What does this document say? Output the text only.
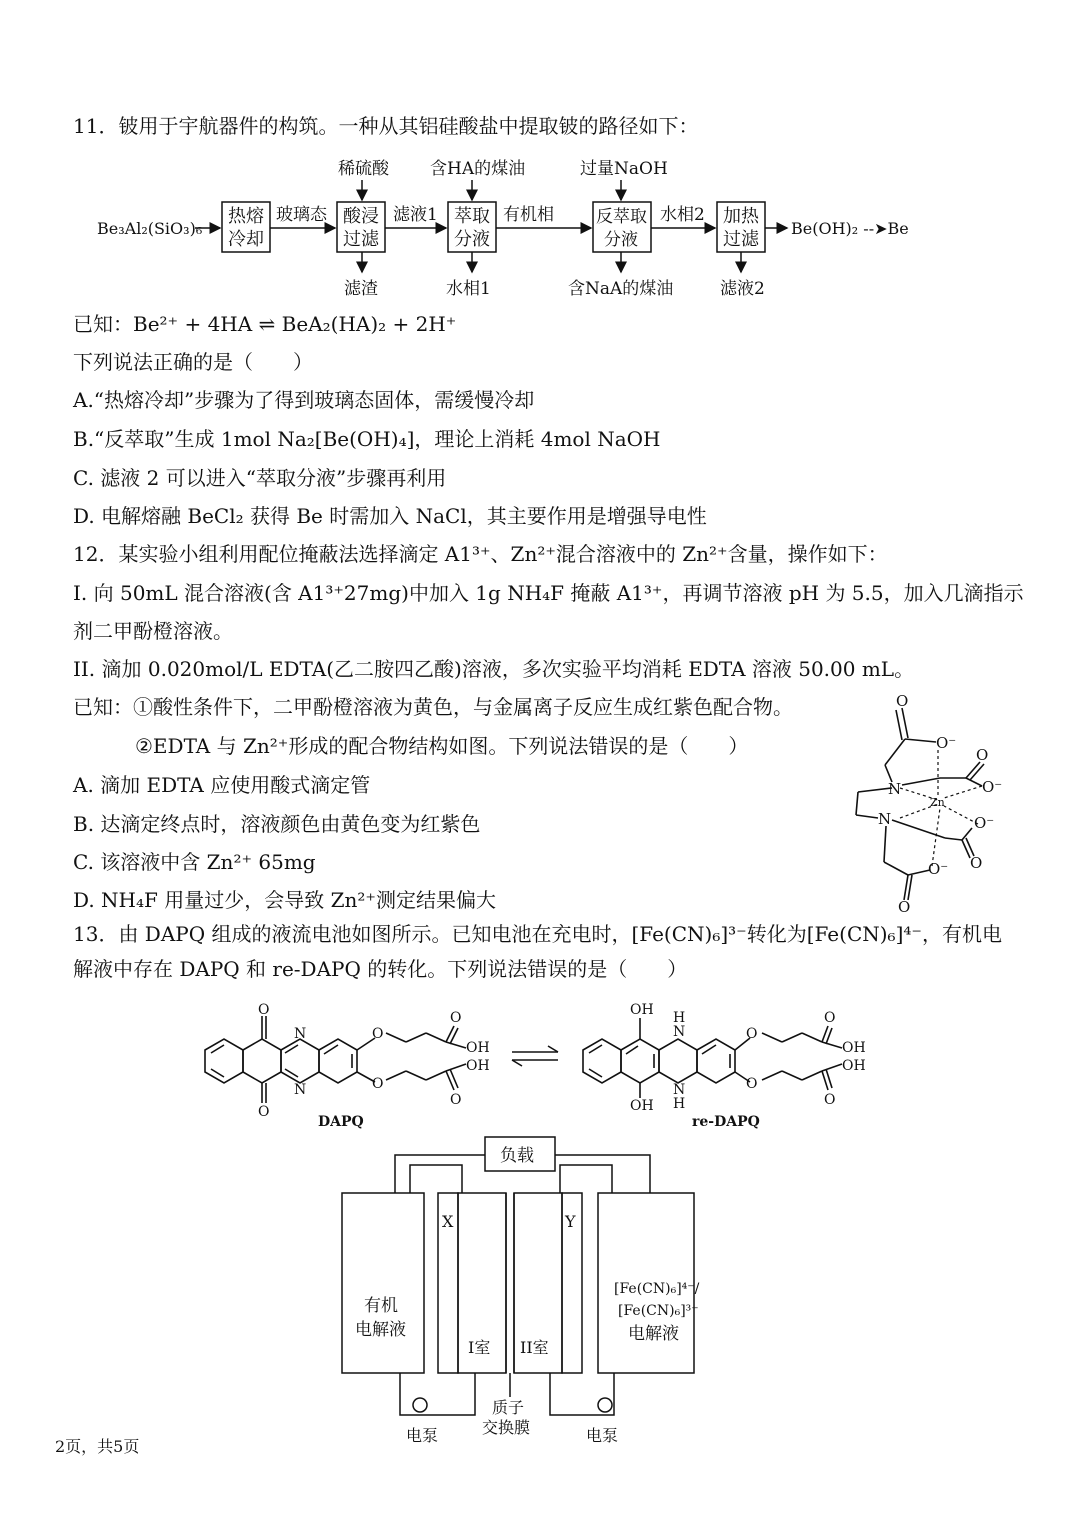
11．铍用于宇航器件的构筑。一种从其铝硅酸盐中提取铍的路径如下：
Be₃Al₂(SiO₃)₆
热熔
冷却
玻璃态
稀硫酸
酸浸
过滤
滤渣
滤液1
含HA的煤油
萃取
分液
水相1
有机相
过量NaOH
反萃取
分液
含NaA的煤油
水相2 加热
过滤
滤液2
Be(OH)₂ --➤Be
已知：Be²⁺ + 4HA ⇌ BeA₂(HA)₂ + 2H⁺
下列说法正确的是（　　）
A.“热熔冷却”步骤为了得到玻璃态固体，需缓慢冷却
B.“反萃取”生成 1mol Na₂[Be(OH)₄]，理论上消耗 4mol NaOH
C. 滤液 2 可以进入“萃取分液”步骤再利用
D. 电解熔融 BeCl₂ 获得 Be 时需加入 NaCl，其主要作用是增强导电性
12．某实验小组利用配位掩蔽法选择滴定 A1³⁺、Zn²⁺混合溶液中的 Zn²⁺含量，操作如下：
I. 向 50mL 混合溶液(含 A1³⁺27mg)中加入 1g NH₄F 掩蔽 A1³⁺，再调节溶液 pH 为 5.5，加入几滴指示
剂二甲酚橙溶液。
II. 滴加 0.020mol/L EDTA(乙二胺四乙酸)溶液，多次实验平均消耗 EDTA 溶液 50.00 mL。
已知：①酸性条件下，二甲酚橙溶液为黄色，与金属离子反应生成红紫色配合物。
②EDTA 与 Zn²⁺形成的配合物结构如图。下列说法错误的是（　　）
A. 滴加 EDTA 应使用酸式滴定管
B. 达滴定终点时，溶液颜色由黄色变为红紫色
C. 该溶液中含 Zn²⁺ 65mg
D. NH₄F 用量过少，会导致 Zn²⁺测定结果偏大
O
O⁻
N
O
O⁻
Zn
N	O⁻
O
O⁻
O
13．由 DAPQ 组成的液流电池如图所示。已知电池在充电时，[Fe(CN)₆]³⁻转化为[Fe(CN)₆]⁴⁻，有机电
解液中存在 DAPQ 和 re-DAPQ 的转化。下列说法错误的是（　　）
O
O
N
N
O
O
O
OH
OH
O
DAPQ
OH
OH
H
N
N
H
O
O
O
OH
OH
O
re-DAPQ
负载
X	Y
有机
电解液
[Fe(CN)₆]⁴⁻/
[Fe(CN)₆]³⁻
电解液
I室 II室
质子
交换膜
电泵	电泵
2页，共5页
